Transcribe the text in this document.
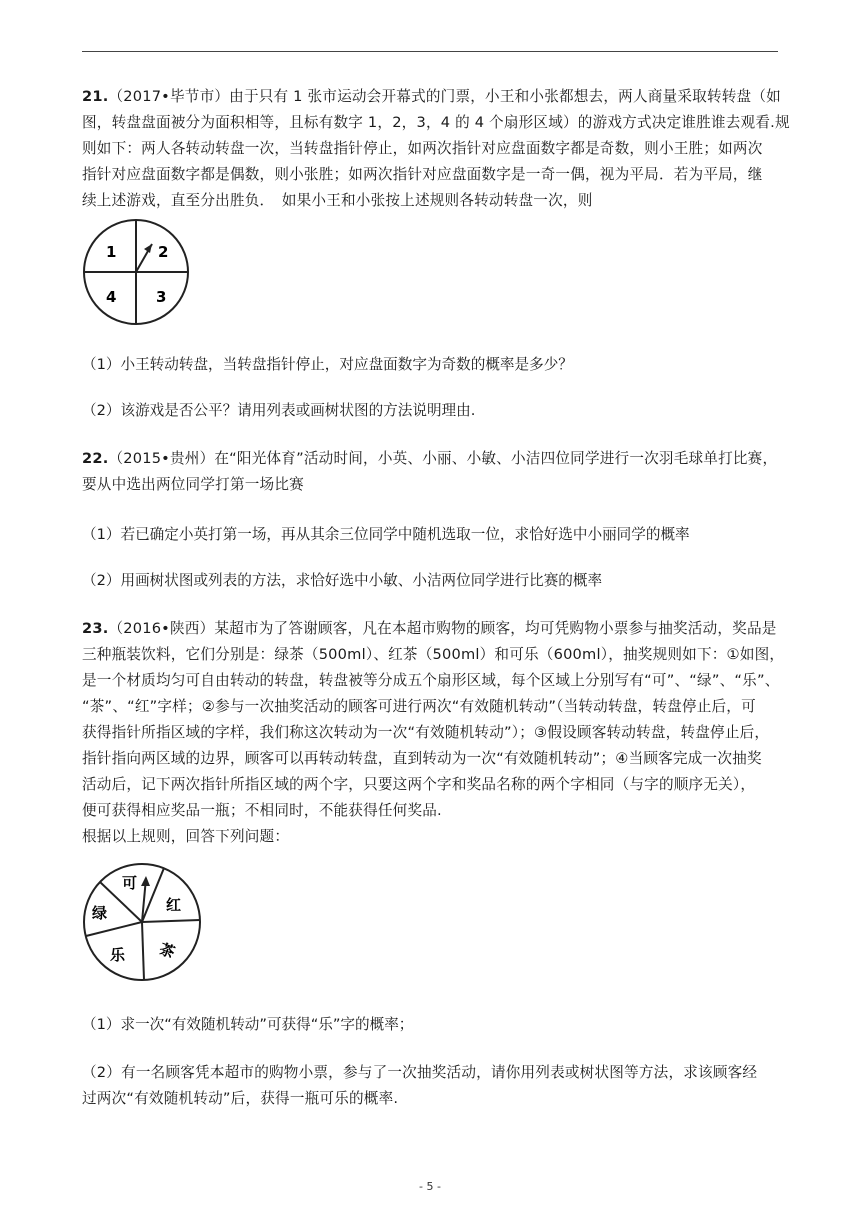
21.（2017•毕节市）由于只有 1 张市运动会开幕式的门票，小王和小张都想去，两人商量采取转转盘（如
图，转盘盘面被分为面积相等，且标有数字 1，2，3，4 的 4 个扇形区域）的游戏方式决定谁胜谁去观看.规
则如下：两人各转动转盘一次，当转盘指针停止，如两次指针对应盘面数字都是奇数，则小王胜；如两次
指针对应盘面数字都是偶数，则小张胜；如两次指针对应盘面数字是一奇一偶，视为平局．若为平局，继
续上述游戏，直至分出胜负．　如果小王和小张按上述规则各转动转盘一次，则
1	2
3
4
（1）小王转动转盘，当转盘指针停止，对应盘面数字为奇数的概率是多少？
（2）该游戏是否公平？请用列表或画树状图的方法说明理由.
22.（2015•贵州）在“阳光体育”活动时间，小英、小丽、小敏、小洁四位同学进行一次羽毛球单打比赛，
要从中选出两位同学打第一场比赛
（1）若已确定小英打第一场，再从其余三位同学中随机选取一位，求恰好选中小丽同学的概率
（2）用画树状图或列表的方法，求恰好选中小敏、小洁两位同学进行比赛的概率
23.（2016•陕西）某超市为了答谢顾客，凡在本超市购物的顾客，均可凭购物小票参与抽奖活动，奖品是
三种瓶装饮料，它们分别是：绿茶（500ml）、红茶（500ml）和可乐（600ml），抽奖规则如下：①如图，
是一个材质均匀可自由转动的转盘，转盘被等分成五个扇形区域，每个区域上分别写有“可”、“绿”、“乐”、
“茶”、“红”字样；②参与一次抽奖活动的顾客可进行两次“有效随机转动”（当转动转盘，转盘停止后，可
获得指针所指区域的字样，我们称这次转动为一次“有效随机转动”）；③假设顾客转动转盘，转盘停止后，
指针指向两区域的边界，顾客可以再转动转盘，直到转动为一次“有效随机转动”；④当顾客完成一次抽奖
活动后，记下两次指针所指区域的两个字，只要这两个字和奖品名称的两个字相同（与字的顺序无关），
便可获得相应奖品一瓶；不相同时，不能获得任何奖品.
根据以上规则，回答下列问题：
可
红
茶
乐
绿
（1）求一次“有效随机转动”可获得“乐”字的概率；
（2）有一名顾客凭本超市的购物小票，参与了一次抽奖活动，请你用列表或树状图等方法，求该顾客经
过两次“有效随机转动”后，获得一瓶可乐的概率.
- 5 -
